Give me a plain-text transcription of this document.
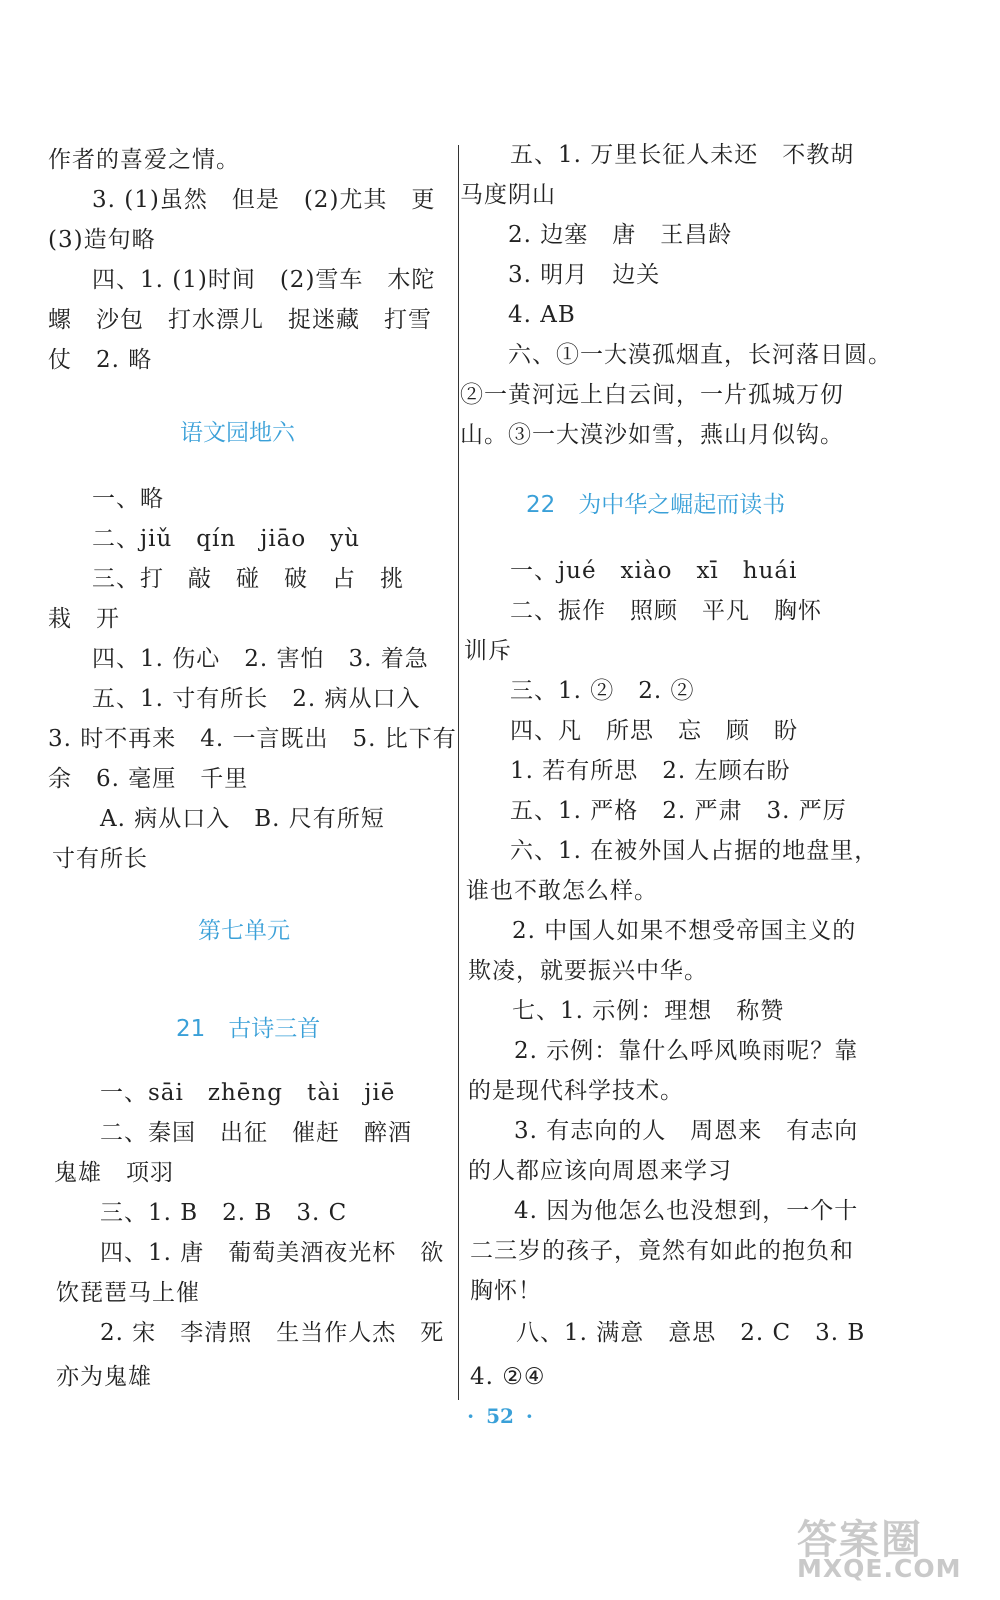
作者的喜爱之情。
3. (1)虽然　但是　(2)尤其　更
(3)造句略
四、1. (1)时间　(2)雪车　木陀
螺　沙包　打水漂儿　捉迷藏　打雪
仗　2. 略
语文园地六
一、略
二、jiǔ　qín　jiāo　yù
三、打　敲　碰　破　占　挑
栽　开
四、1. 伤心　2. 害怕　3. 着急
五、1. 寸有所长　2. 病从口入
3. 时不再来　4. 一言既出　5. 比下有
余　6. 毫厘　千里
A. 病从口入　B. 尺有所短
寸有所长
第七单元
21　古诗三首
一、sāi　zhēng　tài　jiē
二、秦国　出征　催赶　醉酒
鬼雄　项羽
三、1. B　2. B　3. C
四、1. 唐　葡萄美酒夜光杯　欲
饮琵琶马上催
2. 宋　李清照　生当作人杰　死
亦为鬼雄
五、1. 万里长征人未还　不教胡
马度阴山
2. 边塞　唐　王昌龄
3. 明月　边关
4. AB
六、①一大漠孤烟直，长河落日圆。
②一黄河远上白云间，一片孤城万仞
山。③一大漠沙如雪，燕山月似钩。
22　为中华之崛起而读书
一、jué　xiào　xī　huái
二、振作　照顾　平凡　胸怀
训斥
三、1. ②　2. ②
四、凡　所思　忘　顾　盼
1. 若有所思　2. 左顾右盼
五、1. 严格　2. 严肃　3. 严厉
六、1. 在被外国人占据的地盘里，
谁也不敢怎么样。
2. 中国人如果不想受帝国主义的
欺凌，就要振兴中华。
七、1. 示例：理想　称赞
2. 示例：靠什么呼风唤雨呢？靠
的是现代科学技术。
3. 有志向的人　周恩来　有志向
的人都应该向周恩来学习
4. 因为他怎么也没想到，一个十
二三岁的孩子，竟然有如此的抱负和
胸怀！
八、1. 满意　意思　2. C　3. B
4. ②④
· 52 ·
答案圈
MXQE.COM
